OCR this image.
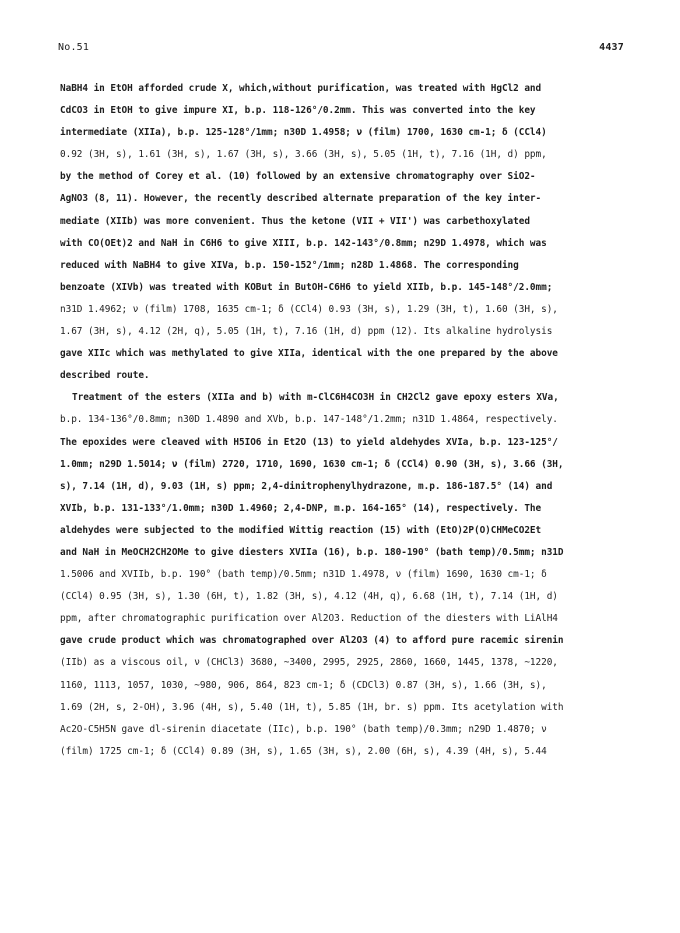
No.51	4437
NaBH4 in EtOH afforded crude X, which,without purification, was treated with HgCl2 and
CdCO3 in EtOH to give impure XI, b.p. 118-126°/0.2mm. This was converted into the key
intermediate (XIIa), b.p. 125-128°/1mm; n30D 1.4958; ν (film) 1700, 1630 cm-1; δ (CCl4)
0.92 (3H, s), 1.61 (3H, s), 1.67 (3H, s), 3.66 (3H, s), 5.05 (1H, t), 7.16 (1H, d) ppm,
by the method of Corey et al. (10) followed by an extensive chromatography over SiO2-
AgNO3 (8, 11). However, the recently described alternate preparation of the key inter-
mediate (XIIb) was more convenient. Thus the ketone (VII + VII') was carbethoxylated
with CO(OEt)2 and NaH in C6H6 to give XIII, b.p. 142-143°/0.8mm; n29D 1.4978, which was
reduced with NaBH4 to give XIVa, b.p. 150-152°/1mm; n28D 1.4868. The corresponding
benzoate (XIVb) was treated with KOBut in ButOH-C6H6 to yield XIIb, b.p. 145-148°/2.0mm;
n31D 1.4962; ν (film) 1708, 1635 cm-1; δ (CCl4) 0.93 (3H, s), 1.29 (3H, t), 1.60 (3H, s),
1.67 (3H, s), 4.12 (2H, q), 5.05 (1H, t), 7.16 (1H, d) ppm (12). Its alkaline hydrolysis
gave XIIc which was methylated to give XIIa, identical with the one prepared by the above
described route.
Treatment of the esters (XIIa and b) with m-ClC6H4CO3H in CH2Cl2 gave epoxy esters XVa,
b.p. 134-136°/0.8mm; n30D 1.4890 and XVb, b.p. 147-148°/1.2mm; n31D 1.4864, respectively.
The epoxides were cleaved with H5IO6 in Et2O (13) to yield aldehydes XVIa, b.p. 123-125°/
1.0mm; n29D 1.5014; ν (film) 2720, 1710, 1690, 1630 cm-1; δ (CCl4) 0.90 (3H, s), 3.66 (3H,
s), 7.14 (1H, d), 9.03 (1H, s) ppm; 2,4-dinitrophenylhydrazone, m.p. 186-187.5° (14) and
XVIb, b.p. 131-133°/1.0mm; n30D 1.4960; 2,4-DNP, m.p. 164-165° (14), respectively. The
aldehydes were subjected to the modified Wittig reaction (15) with (EtO)2P(O)CHMeCO2Et
and NaH in MeOCH2CH2OMe to give diesters XVIIa (16), b.p. 180-190° (bath temp)/0.5mm; n31D
1.5006 and XVIIb, b.p. 190° (bath temp)/0.5mm; n31D 1.4978, ν (film) 1690, 1630 cm-1; δ
(CCl4) 0.95 (3H, s), 1.30 (6H, t), 1.82 (3H, s), 4.12 (4H, q), 6.68 (1H, t), 7.14 (1H, d)
ppm, after chromatographic purification over Al2O3. Reduction of the diesters with LiAlH4
gave crude product which was chromatographed over Al2O3 (4) to afford pure racemic sirenin
(IIb) as a viscous oil, ν (CHCl3) 3680, ~3400, 2995, 2925, 2860, 1660, 1445, 1378, ~1220,
1160, 1113, 1057, 1030, ~980, 906, 864, 823 cm-1; δ (CDCl3) 0.87 (3H, s), 1.66 (3H, s),
1.69 (2H, s, 2-OH), 3.96 (4H, s), 5.40 (1H, t), 5.85 (1H, br. s) ppm. Its acetylation with
Ac2O-C5H5N gave dl-sirenin diacetate (IIc), b.p. 190° (bath temp)/0.3mm; n29D 1.4870; ν
(film) 1725 cm-1; δ (CCl4) 0.89 (3H, s), 1.65 (3H, s), 2.00 (6H, s), 4.39 (4H, s), 5.44
